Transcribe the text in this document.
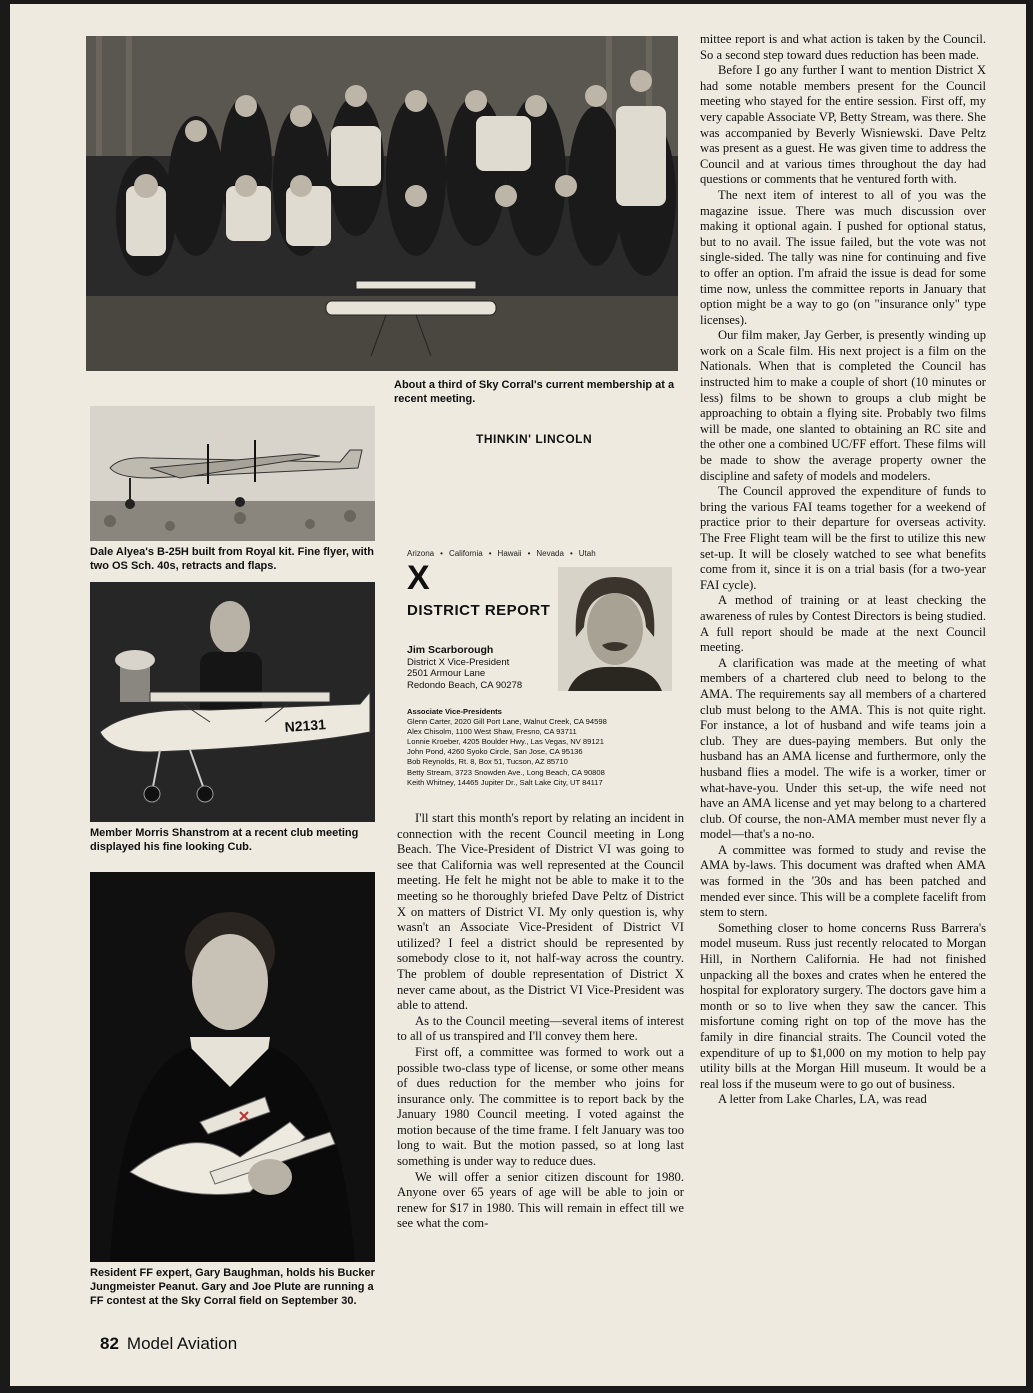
About a third of Sky Corral's current membership at a recent meeting.
THINKIN' LINCOLN
Dale Alyea's B-25H built from Royal kit. Fine flyer, with two OS Sch. 40s, retracts and flaps.
N2131
Member Morris Shanstrom at a recent club meeting displayed his fine looking Cub.
Resident FF expert, Gary Baughman, holds his Bucker Jungmeister Peanut. Gary and Joe Plute are running a FF contest at the Sky Corral field on September 30.
Arizona • California • Hawaii • Nevada • Utah
X
DISTRICT REPORT
Jim Scarborough
District X Vice-President
2501 Armour Lane
Redondo Beach, CA 90278
Associate Vice-Presidents
Glenn Carter, 2020 Gill Port Lane, Walnut Creek, CA 94598
Alex Chisolm, 1100 West Shaw, Fresno, CA 93711
Lonnie Kroeber, 4205 Boulder Hwy., Las Vegas, NV 89121
John Pond, 4260 Syoko Circle, San Jose, CA 95136
Bob Reynolds, Rt. 8, Box 51, Tucson, AZ 85710
Betty Stream, 3723 Snowden Ave., Long Beach, CA 90808
Keith Whitney, 14465 Jupiter Dr., Salt Lake City, UT 84117

I'll start this month's report by relating an incident in connection with the recent Council meeting in Long Beach. The Vice-President of District VI was going to see that California was well represented at the Council meeting. He felt he might not be able to make it to the meeting so he thoroughly briefed Dave Peltz of District X on matters of District VI. My only question is, why wasn't an Associate Vice-President of District VI utilized? I feel a district should be represented by somebody close to it, not half-way across the country. The problem of double representation of District X never came about, as the District VI Vice-President was able to attend.

As to the Council meeting—several items of interest to all of us transpired and I'll convey them here.

First off, a committee was formed to work out a possible two-class type of license, or some other means of dues reduction for the member who joins for insurance only. The committee is to report back by the January 1980 Council meeting. I voted against the motion because of the time frame. I felt January was too long to wait. But the motion passed, so at long last something is under way to reduce dues.

We will offer a senior citizen discount for 1980. Anyone over 65 years of age will be able to join or renew for $17 in 1980. This will remain in effect till we see what the com-

mittee report is and what action is taken by the Council. So a second step toward dues reduction has been made.

Before I go any further I want to mention District X had some notable members present for the Council meeting who stayed for the entire session. First off, my very capable Associate VP, Betty Stream, was there. She was accompanied by Beverly Wisniewski. Dave Peltz was present as a guest. He was given time to address the Council and at various times throughout the day had questions or comments that he ventured forth with.

The next item of interest to all of you was the magazine issue. There was much discussion over making it optional again. I pushed for optional status, but to no avail. The issue failed, but the vote was not single-sided. The tally was nine for continuing and five to offer an option. I'm afraid the issue is dead for some time now, unless the committee reports in January that option might be a way to go (on "insurance only" type licenses).

Our film maker, Jay Gerber, is presently winding up work on a Scale film. His next project is a film on the Nationals. When that is completed the Council has instructed him to make a couple of short (10 minutes or less) films to be shown to groups a club might be approaching to obtain a flying site. Probably two films will be made, one slanted to obtaining an RC site and the other one a combined UC/FF effort. These films will be made to show the average property owner the discipline and safety of models and modelers.

The Council approved the expenditure of funds to bring the various FAI teams together for a weekend of practice prior to their departure for overseas activity. The Free Flight team will be the first to utilize this new set-up. It will be closely watched to see what benefits come from it, since it is on a trial basis (for a two-year FAI cycle).

A method of training or at least checking the awareness of rules by Contest Directors is being studied. A full report should be made at the next Council meeting.

A clarification was made at the meeting of what members of a chartered club need to belong to the AMA. The requirements say all members of a chartered club must belong to the AMA. This is not quite right. For instance, a lot of husband and wife teams join a club. They are dues-paying members. But only the husband has an AMA license and furthermore, only the husband flies a model. The wife is a worker, timer or what-have-you. Under this set-up, the wife need not have an AMA license and yet may belong to a chartered club. Of course, the non-AMA member must never fly a model—that's a no-no.

A committee was formed to study and revise the AMA by-laws. This document was drafted when AMA was formed in the '30s and has been patched and mended ever since. This will be a complete facelift from stem to stern.

Something closer to home concerns Russ Barrera's model museum. Russ just recently relocated to Morgan Hill, in Northern California. He had not finished unpacking all the boxes and crates when he entered the hospital for exploratory surgery. The doctors gave him a month or so to live when they saw the cancer. This misfortune coming right on top of the move has the family in dire financial straits. The Council voted the expenditure of up to $1,000 on my motion to help pay utility bills at the Morgan Hill museum. It would be a real loss if the museum were to go out of business.

A letter from Lake Charles, LA, was read

82 Model Aviation
